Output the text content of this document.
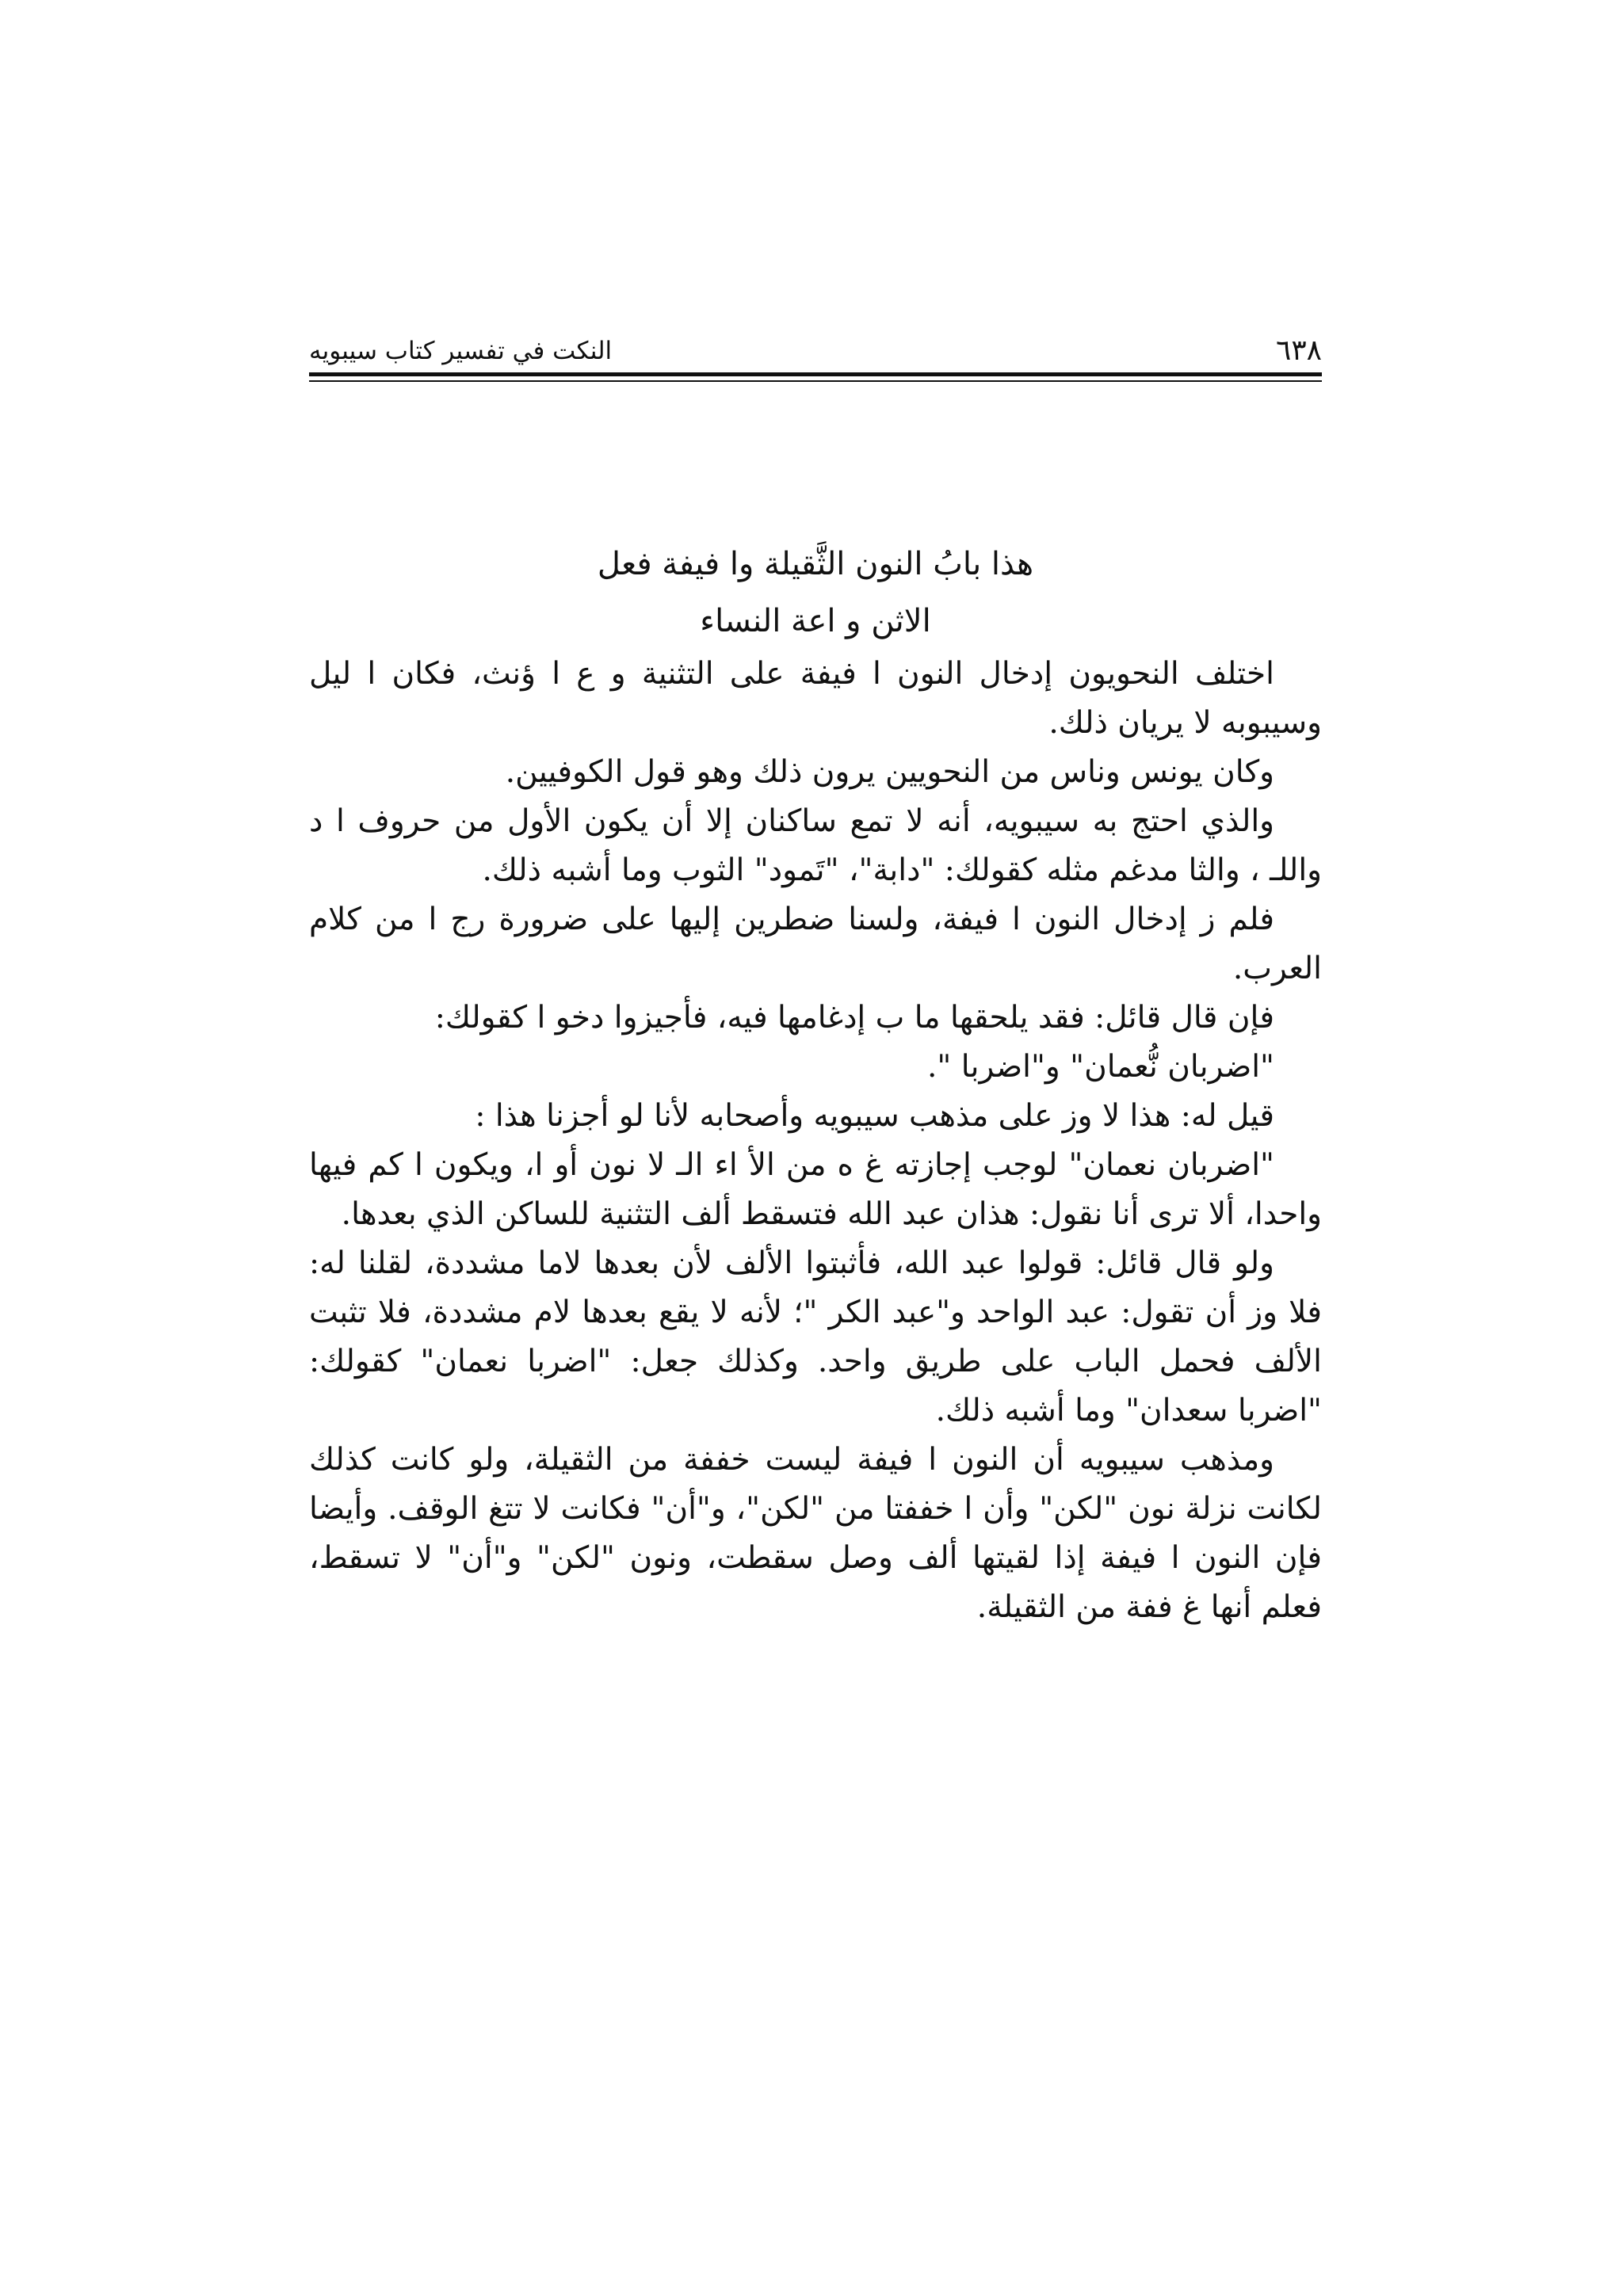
٦٣٨
النكت في تفسير كتاب سيبويه
هذا بابُ النون الثَّقيلة وا فيفة فعل
الاثن و اعة النساء

اختلف النحويون إدخال النون ا فيفة على التثنية و ع ا ؤنث، فكان ا ليل وسيبوبه لا يريان ذلك.

وكان يونس وناس من النحويين يرون ذلك وهو قول الكوفيين.

والذي احتج به سيبويه، أنه لا تمع ساكنان إلا أن يكون الأول من حروف ا د واللـ ، والثا مدغم مثله كقولك: "دابة"، "تَمود" الثوب وما أشبه ذلك.

فلم ز إدخال النون ا فيفة، ولسنا ضطرين إليها على ضرورة رج ا من كلام العرب.

فإن قال قائل: فقد يلحقها ما ب إدغامها فيه، فأجيزوا دخو ا كقولك:

"اضربان نُّعمان" و"اضربا ".

قيل له: هذا لا وز على مذهب سيبويه وأصحابه لأنا لو أجزنا هذا :

"اضربان نعمان" لوجب إجازته غ ه من الأ اء الـ لا نون أو ا، ويكون ا كم فيها واحدا، ألا ترى أنا نقول: هذان عبد الله فتسقط ألف التثنية للساكن الذي بعدها.

ولو قال قائل: قولوا عبد الله، فأثبتوا الألف لأن بعدها لاما مشددة، لقلنا له: فلا وز أن تقول: عبد الواحد و"عبد الكر "؛ لأنه لا يقع بعدها لام مشددة، فلا تثبت الألف فحمل الباب على طريق واحد. وكذلك جعل: "اضربا نعمان" كقولك: "اضربا سعدان" وما أشبه ذلك.

ومذهب سيبويه أن النون ا فيفة ليست خففة من الثقيلة، ولو كانت كذلك لكانت نزلة نون "لكن" وأن ا خففتا من "لكن"، و"أن" فكانت لا تتغ الوقف. وأيضا فإن النون ا فيفة إذا لقيتها ألف وصل سقطت، ونون "لكن" و"أن" لا تسقط، فعلم أنها غ ففة من الثقيلة.
